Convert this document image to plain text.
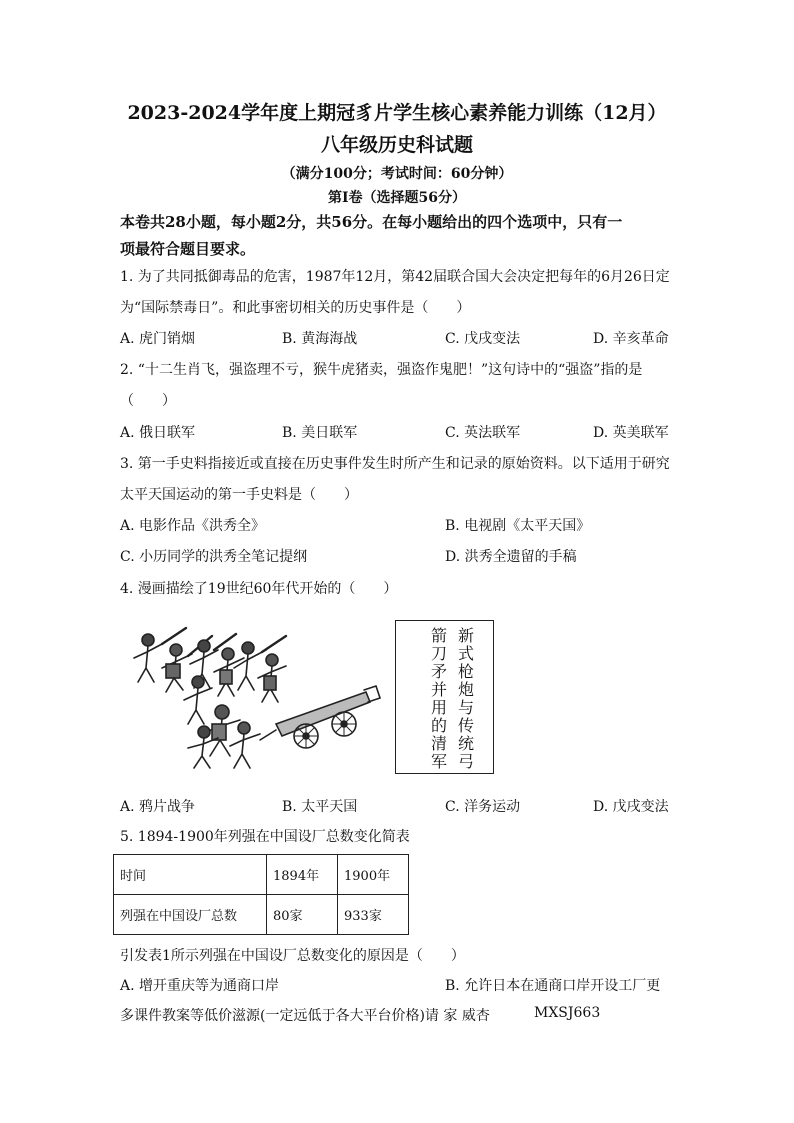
2023-2024学年度上期冠豸片学生核心素养能力训练（12月）
八年级历史科试题
（满分100分；考试时间：60分钟）
第Ⅰ卷（选择题56分）
本卷共28小题，每小题2分，共56分。在每小题给出的四个选项中，只有一
项最符合题目要求。
1. 为了共同抵御毒品的危害，1987年12月，第42届联合国大会决定把每年的6月26日定
为“国际禁毒日”。和此事密切相关的历史事件是（　　）
A. 虎门销烟	B. 黄海海战	C. 戊戌变法	D. 辛亥革命
2. “十二生肖飞，强盗理不亏，猴牛虎猪卖，强盗作鬼肥！”这句诗中的“强盗”指的是
（　　）
A. 俄日联军	B. 美日联军	C. 英法联军	D. 英美联军
3. 第一手史料指接近或直接在历史事件发生时所产生和记录的原始资料。以下适用于研究
太平天国运动的第一手史料是（　　）
A. 电影作品《洪秀全》	B. 电视剧《太平天国》
C. 小历同学的洪秀全笔记提纲	D. 洪秀全遗留的手稿
4. 漫画描绘了19世纪60年代开始的（　　）
新式枪炮与传统弓
箭刀矛并用的清军
A. 鸦片战争	B. 太平天国	C. 洋务运动	D. 戊戌变法
5. 1894-1900年列强在中国设厂总数变化简表
时间	1894年	1900年
列强在中国设厂总数	80家	933家
引发表1所示列强在中国设厂总数变化的原因是（　　）
A. 增开重庆等为通商口岸	B. 允许日本在通商口岸开设工厂更
多课件教案等低价滋源(一定远低于各大平台价格)请 家 威杏	MXSJ663
